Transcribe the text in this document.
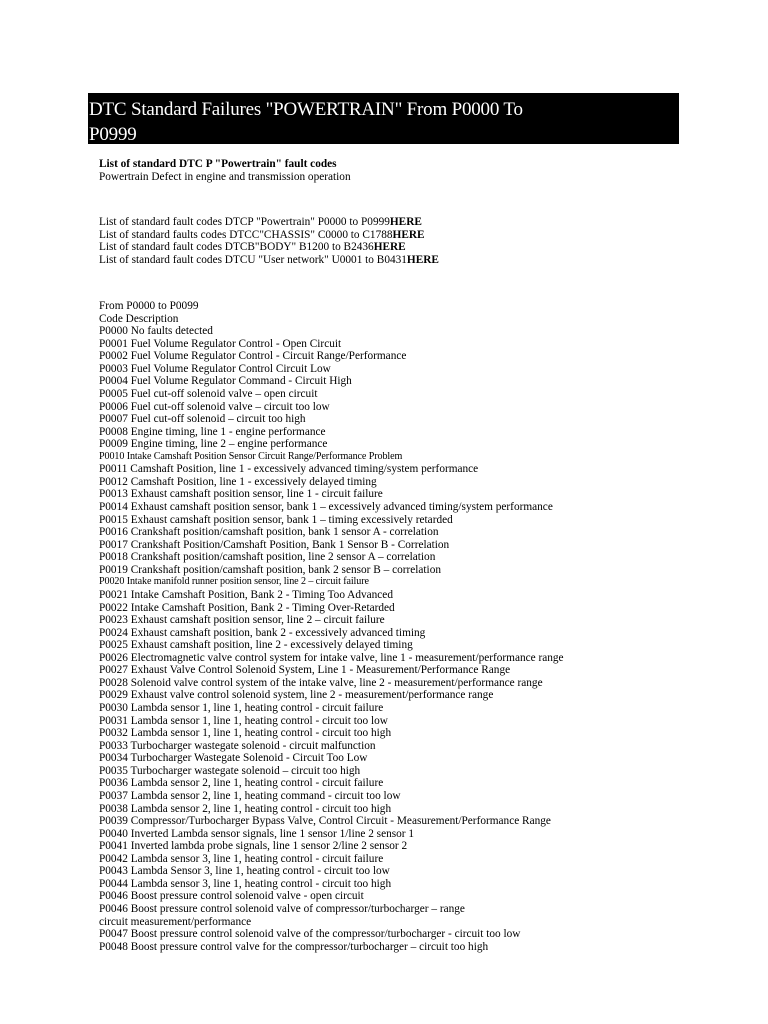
DTC Standard Failures "POWERTRAIN" From P0000 To
P0999
List of standard DTC P "Powertrain" fault codes
Powertrain Defect in engine and transmission operation
List of standard fault codes DTCP "Powertrain" P0000 to P0999HERE
List of standard faults codes DTCC"CHASSIS" C0000 to C1788HERE
List of standard fault codes DTCB"BODY" B1200 to B2436HERE
List of standard fault codes DTCU "User network" U0001 to B0431HERE
From P0000 to P0099
Code Description
P0000 No faults detected
P0001 Fuel Volume Regulator Control - Open Circuit
P0002 Fuel Volume Regulator Control - Circuit Range/Performance
P0003 Fuel Volume Regulator Control Circuit Low
P0004 Fuel Volume Regulator Command - Circuit High
P0005 Fuel cut-off solenoid valve – open circuit
P0006 Fuel cut-off solenoid valve – circuit too low
P0007 Fuel cut-off solenoid – circuit too high
P0008 Engine timing, line 1 - engine performance
P0009 Engine timing, line 2 – engine performance
P0010 Intake Camshaft Position Sensor Circuit Range/Performance Problem
P0011 Camshaft Position, line 1 - excessively advanced timing/system performance
P0012 Camshaft Position, line 1 - excessively delayed timing
P0013 Exhaust camshaft position sensor, line 1 - circuit failure
P0014 Exhaust camshaft position sensor, bank 1 – excessively advanced timing/system performance
P0015 Exhaust camshaft position sensor, bank 1 – timing excessively retarded
P0016 Crankshaft position/camshaft position, bank 1 sensor A - correlation
P0017 Crankshaft Position/Camshaft Position, Bank 1 Sensor B - Correlation
P0018 Crankshaft position/camshaft position, line 2 sensor A – correlation
P0019 Crankshaft position/camshaft position, bank 2 sensor B – correlation
P0020 Intake manifold runner position sensor, line 2 – circuit failure
P0021 Intake Camshaft Position, Bank 2 - Timing Too Advanced
P0022 Intake Camshaft Position, Bank 2 - Timing Over-Retarded
P0023 Exhaust camshaft position sensor, line 2 – circuit failure
P0024 Exhaust camshaft position, bank 2 - excessively advanced timing
P0025 Exhaust camshaft position, line 2 - excessively delayed timing
P0026 Electromagnetic valve control system for intake valve, line 1 - measurement/performance range
P0027 Exhaust Valve Control Solenoid System, Line 1 - Measurement/Performance Range
P0028 Solenoid valve control system of the intake valve, line 2 - measurement/performance range
P0029 Exhaust valve control solenoid system, line 2 - measurement/performance range
P0030 Lambda sensor 1, line 1, heating control - circuit failure
P0031 Lambda sensor 1, line 1, heating control - circuit too low
P0032 Lambda sensor 1, line 1, heating control - circuit too high
P0033 Turbocharger wastegate solenoid - circuit malfunction
P0034 Turbocharger Wastegate Solenoid - Circuit Too Low
P0035 Turbocharger wastegate solenoid – circuit too high
P0036 Lambda sensor 2, line 1, heating control - circuit failure
P0037 Lambda sensor 2, line 1, heating command - circuit too low
P0038 Lambda sensor 2, line 1, heating control - circuit too high
P0039 Compressor/Turbocharger Bypass Valve, Control Circuit - Measurement/Performance Range
P0040 Inverted Lambda sensor signals, line 1 sensor 1/line 2 sensor 1
P0041 Inverted lambda probe signals, line 1 sensor 2/line 2 sensor 2
P0042 Lambda sensor 3, line 1, heating control - circuit failure
P0043 Lambda Sensor 3, line 1, heating control - circuit too low
P0044 Lambda sensor 3, line 1, heating control - circuit too high
P0046 Boost pressure control solenoid valve - open circuit
P0046 Boost pressure control solenoid valve of compressor/turbocharger – range
circuit measurement/performance
P0047 Boost pressure control solenoid valve of the compressor/turbocharger - circuit too low
P0048 Boost pressure control valve for the compressor/turbocharger – circuit too high
